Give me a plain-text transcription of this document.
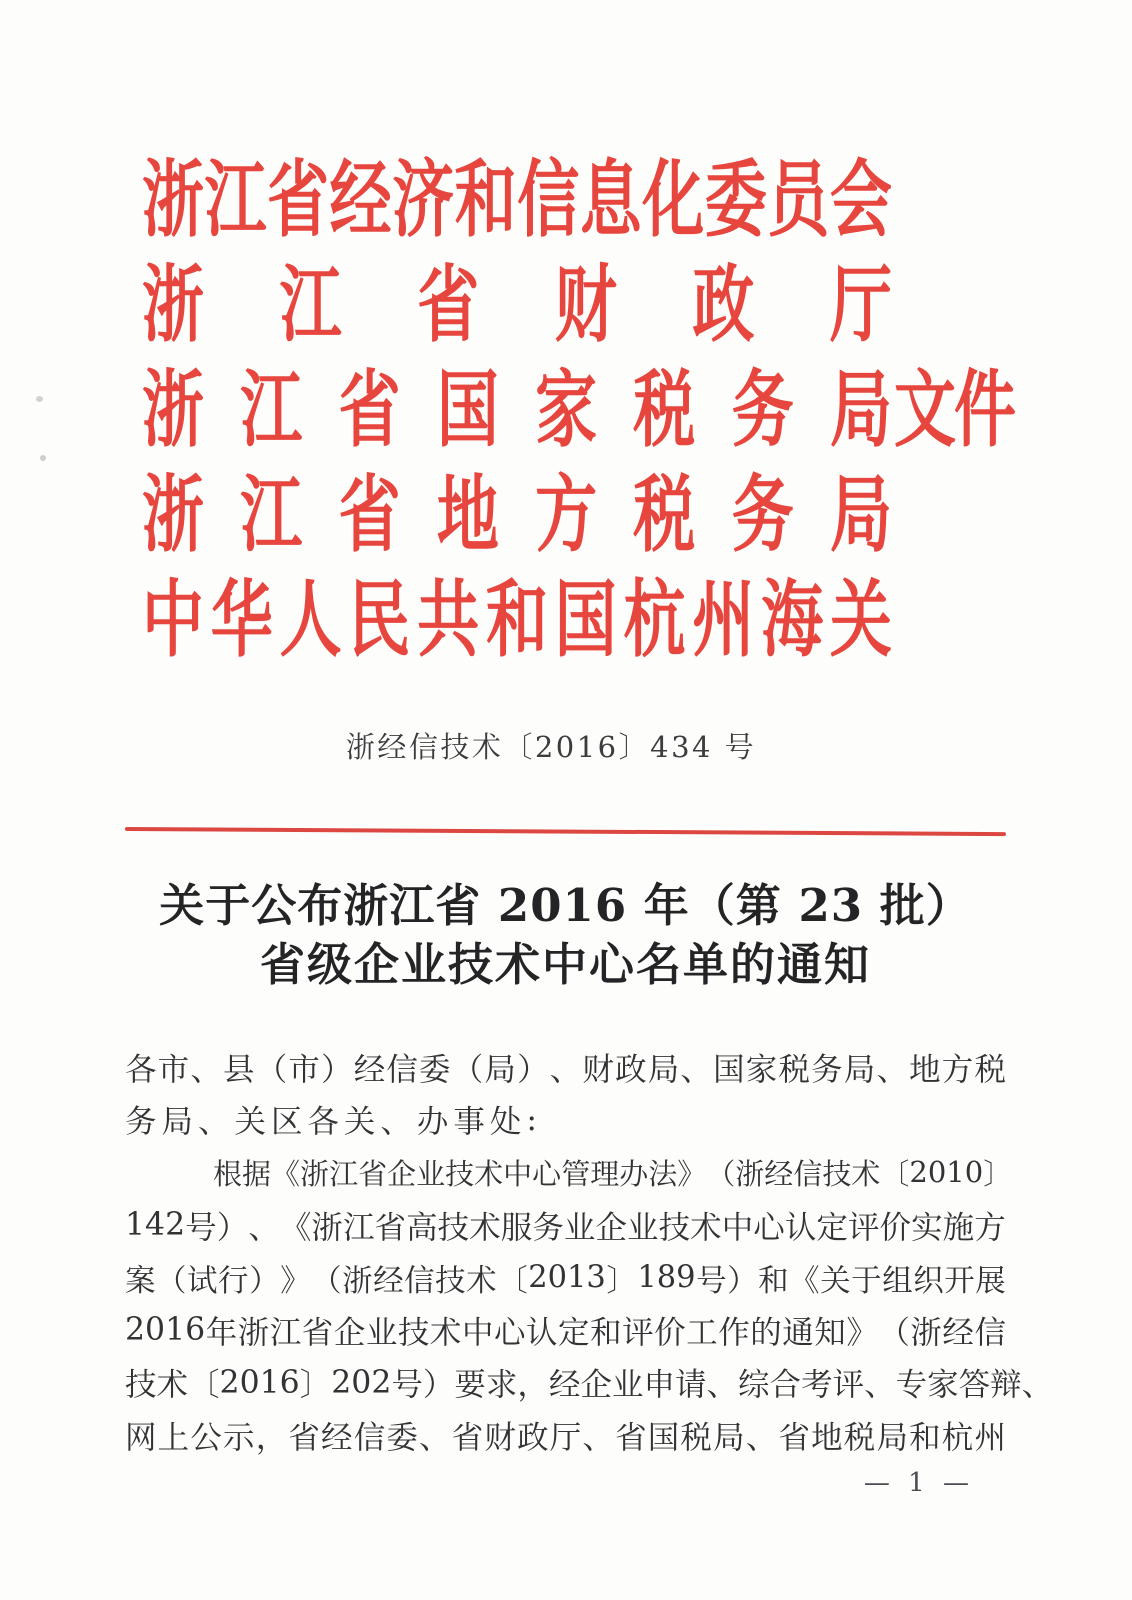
浙 江 省 经 济 和 信 息 化 委 员 会
浙 江 省 财 政 厅
浙 江 省 国 家 税 务 局 文件
浙 江 省 地 方 税 务 局
中 华 人 民 共 和 国 杭 州 海 关
浙经信技术〔2016〕434 号
关于公布浙江省 2016 年（第 23 批）
省级企业技术中心名单的通知
各 市 、 县 （ 市 ） 经 信 委 （ 局 ） 、 财 政 局 、 国 家 税 务 局 、 地 方 税
务 局 、 关 区 各 关 、 办 事 处 :
根 据 《 浙 江 省 企 业 技 术 中 心 管 理 办 法 》 （ 浙 经 信 技 术 〔 2010 〕
142 号 ） 、 《 浙 江 省 高 技 术 服 务 业 企 业 技 术 中 心 认 定 评 价 实 施 方
案 （ 试 行 ） 》 （ 浙 经 信 技 术 〔 2013 〕 189 号 ） 和 《 关 于 组 织 开 展
2016 年 浙 江 省 企 业 技 术 中 心 认 定 和 评 价 工 作 的 通 知 》 （ 浙 经 信
技 术 〔 2016 〕 202 号 ） 要 求 ， 经 企 业 申 请 、 综 合 考 评 、 专 家 答 辩 、
网 上 公 示 ， 省 经 信 委 、 省 财 政 厅 、 省 国 税 局 、 省 地 税 局 和 杭 州
— 1 —
